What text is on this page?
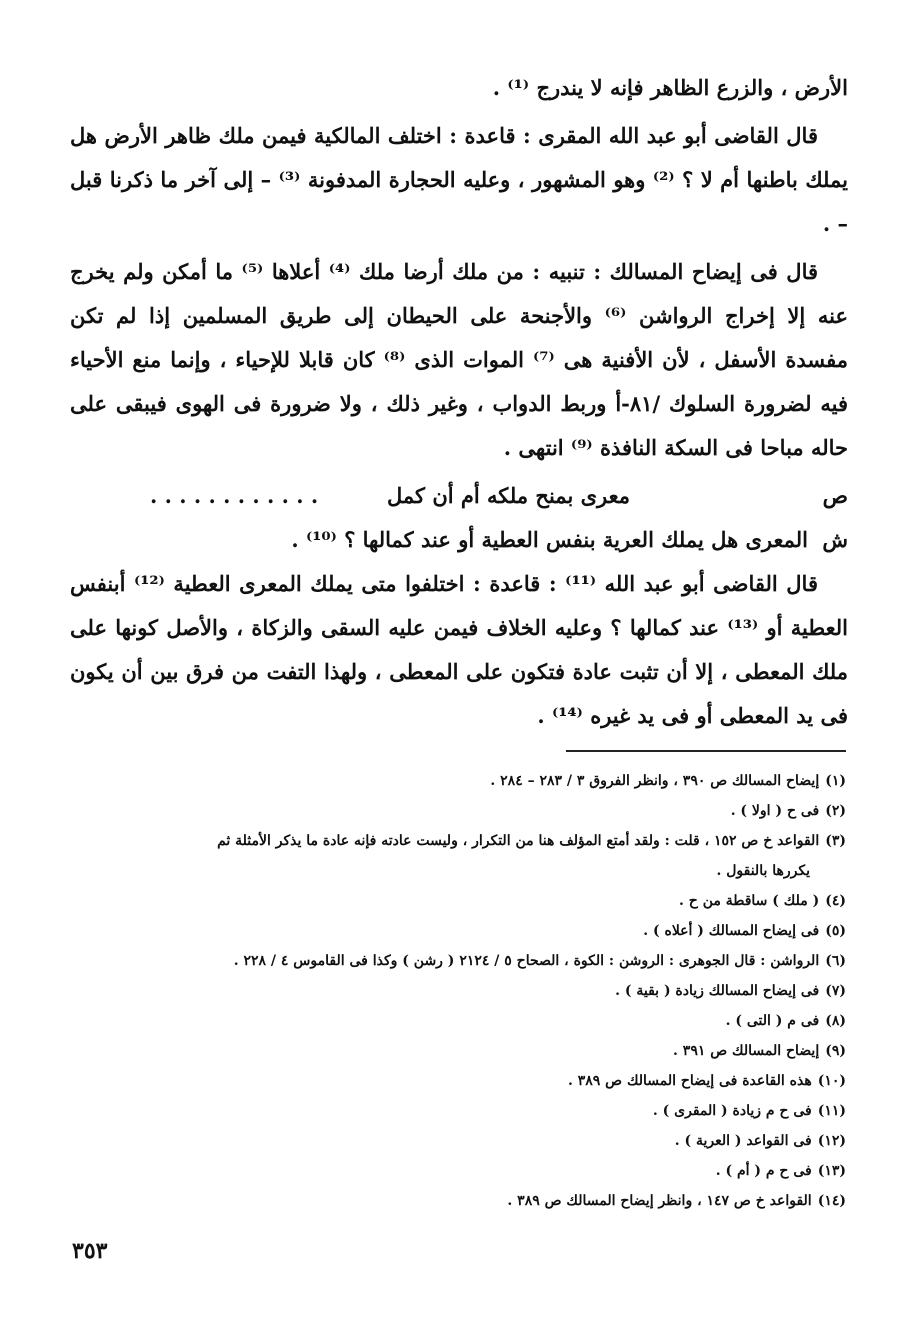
الأرض ، والزرع الظاهر فإنه لا يندرج ⁽¹⁾ .

قال القاضى أبو عبد الله المقرى : قاعدة : اختلف المالكية فيمن ملك ظاهر الأرض هل يملك باطنها أم لا ؟ ⁽²⁾ وهو المشهور ، وعليه الحجارة المدفونة ⁽³⁾ – إلى آخر ما ذكرنا قبل – .

قال فى إيضاح المسالك : تنبيه : من ملك أرضا ملك ⁽⁴⁾ أعلاها ⁽⁵⁾ ما أمكن ولم يخرج عنه إلا إخراج الرواشن ⁽⁶⁾ والأجنحة على الحيطان إلى طريق المسلمين إذا لم تكن مفسدة الأسفل ، لأن الأفنية هى ⁽⁷⁾ الموات الذى ⁽⁸⁾ كان قابلا للإحياء ، وإنما منع الأحياء فيه لضرورة السلوك /٨١-أ وربط الدواب ، وغير ذلك ، ولا ضرورة فى الهوى فيبقى على حاله مباحا فى السكة النافذة ⁽⁹⁾ انتهى .

ص
معرى بمنح ملكه أم أن كمل
. . . . . . . . . . . .
ش
المعرى هل يملك العرية بنفس العطية أو عند كمالها ؟ ⁽¹⁰⁾ .

قال القاضى أبو عبد الله ⁽¹¹⁾ : قاعدة : اختلفوا متى يملك المعرى العطية ⁽¹²⁾ أبنفس العطية أو ⁽¹³⁾ عند كمالها ؟ وعليه الخلاف فيمن عليه السقى والزكاة ، والأصل كونها على ملك المعطى ، إلا أن تثبت عادة فتكون على المعطى ، ولهذا التفت من فرق بين أن يكون فى يد المعطى أو فى يد غيره ⁽¹⁴⁾ .

(١)إيضاح المسالك ص ٣٩٠ ، وانظر الفروق ٣ / ٢٨٣ – ٢٨٤ .

(٢)فى ح ( اولا ) .

(٣)القواعد خ ص ١٥٢ ، قلت : ولقد أمتع المؤلف هنا من التكرار ، وليست عادته فإنه عادة ما يذكر الأمثلة ثم

يكررها بالنقول .

(٤)( ملك ) ساقطة من ح .

(٥)فى إيضاح المسالك ( أعلاه ) .

(٦)الرواشن : قال الجوهرى : الروشن : الكوة ، الصحاح ٥ / ٢١٢٤ ( رشن ) وكذا فى القاموس ٤ / ٢٢٨ .

(٧)فى إيضاح المسالك زيادة ( بقية ) .

(٨)فى م ( التى ) .

(٩)إيضاح المسالك ص ٣٩١ .

(١٠)هذه القاعدة فى إيضاح المسالك ص ٣٨٩ .

(١١)فى ح م زيادة ( المقرى ) .

(١٢)فى القواعد ( العرية ) .

(١٣)فى ح م ( أم ) .

(١٤)القواعد خ ص ١٤٧ ، وانظر إيضاح المسالك ص ٣٨٩ .

٣٥٣
